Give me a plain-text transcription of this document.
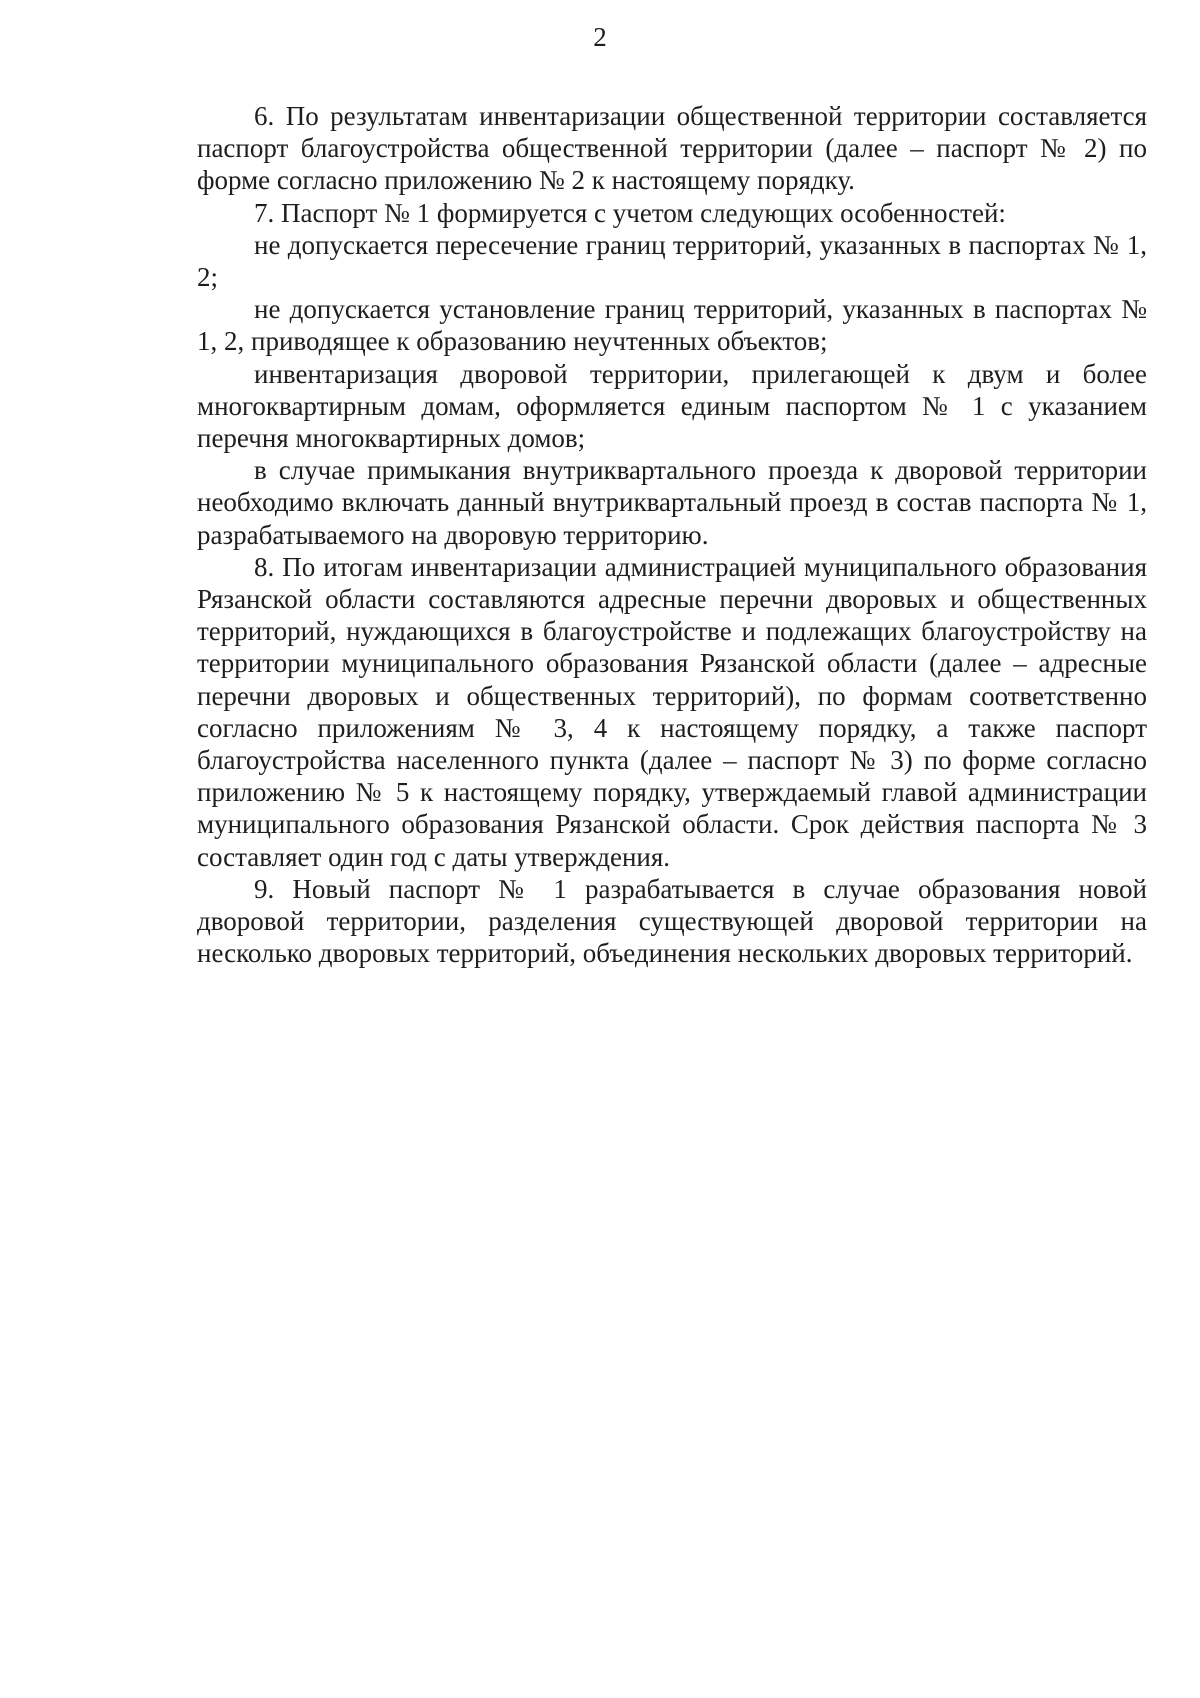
2

6. По результатам инвентаризации общественной территории составляется паспорт благоустройства общественной территории (далее – паспорт № 2) по форме согласно приложению № 2 к настоящему порядку.

7. Паспорт № 1 формируется с учетом следующих особенностей:

не допускается пересечение границ территорий, указанных в паспортах № 1, 2;

не допускается установление границ территорий, указанных в паспортах № 1, 2, приводящее к образованию неучтенных объектов;

инвентаризация дворовой территории, прилегающей к двум и более многоквартирным домам, оформляется единым паспортом № 1 с указанием перечня многоквартирных домов;

в случае примыкания внутриквартального проезда к дворовой территории необходимо включать данный внутриквартальный проезд в состав паспорта № 1, разрабатываемого на дворовую территорию.

8. По итогам инвентаризации администрацией муниципального образования Рязанской области составляются адресные перечни дворовых и общественных территорий, нуждающихся в благоустройстве и подлежащих благоустройству на территории муниципального образования Рязанской области (далее – адресные перечни дворовых и общественных территорий), по формам соответственно согласно приложениям № 3, 4 к настоящему порядку, а также паспорт благоустройства населенного пункта (далее – паспорт № 3) по форме согласно приложению № 5 к настоящему порядку, утверждаемый главой администрации муниципального образования Рязанской области. Срок действия паспорта № 3 составляет один год с даты утверждения.

9. Новый паспорт № 1 разрабатывается в случае образования новой дворовой территории, разделения существующей дворовой территории на несколько дворовых территорий, объединения нескольких дворовых территорий.
